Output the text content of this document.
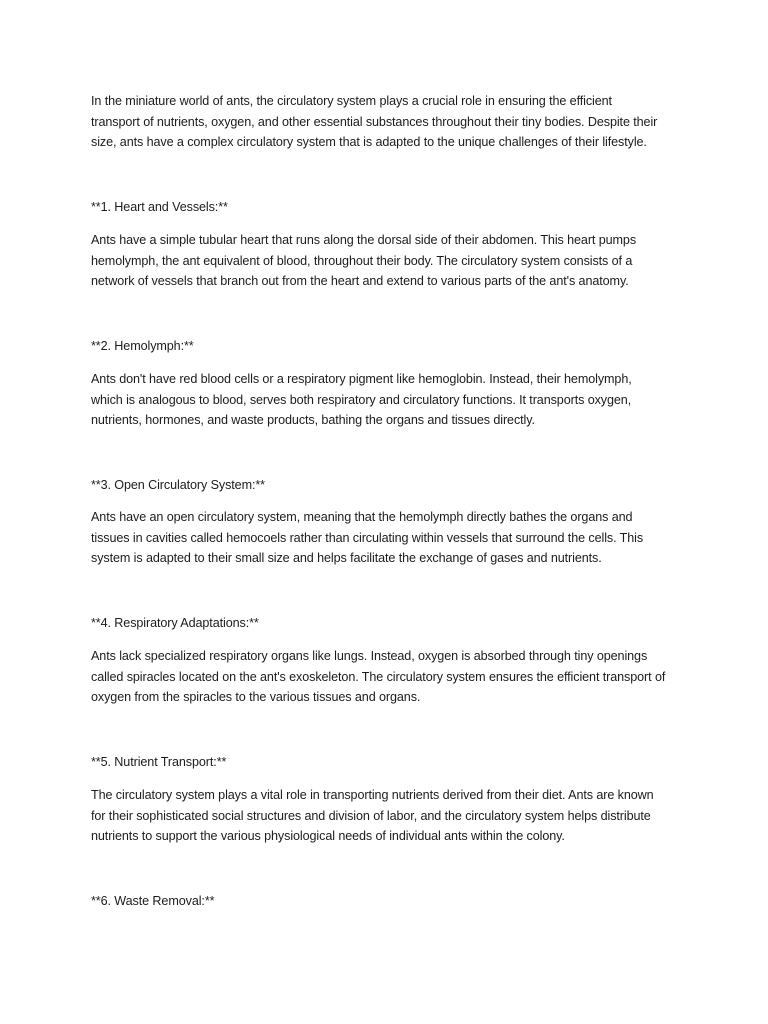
In the miniature world of ants, the circulatory system plays a crucial role in ensuring the efficient
transport of nutrients, oxygen, and other essential substances throughout their tiny bodies. Despite their
size, ants have a complex circulatory system that is adapted to the unique challenges of their lifestyle.

**1. Heart and Vessels:**

Ants have a simple tubular heart that runs along the dorsal side of their abdomen. This heart pumps
hemolymph, the ant equivalent of blood, throughout their body. The circulatory system consists of a
network of vessels that branch out from the heart and extend to various parts of the ant's anatomy.

**2. Hemolymph:**

Ants don't have red blood cells or a respiratory pigment like hemoglobin. Instead, their hemolymph,
which is analogous to blood, serves both respiratory and circulatory functions. It transports oxygen,
nutrients, hormones, and waste products, bathing the organs and tissues directly.

**3. Open Circulatory System:**

Ants have an open circulatory system, meaning that the hemolymph directly bathes the organs and
tissues in cavities called hemocoels rather than circulating within vessels that surround the cells. This
system is adapted to their small size and helps facilitate the exchange of gases and nutrients.

**4. Respiratory Adaptations:**

Ants lack specialized respiratory organs like lungs. Instead, oxygen is absorbed through tiny openings
called spiracles located on the ant's exoskeleton. The circulatory system ensures the efficient transport of
oxygen from the spiracles to the various tissues and organs.

**5. Nutrient Transport:**

The circulatory system plays a vital role in transporting nutrients derived from their diet. Ants are known
for their sophisticated social structures and division of labor, and the circulatory system helps distribute
nutrients to support the various physiological needs of individual ants within the colony.

**6. Waste Removal:**
